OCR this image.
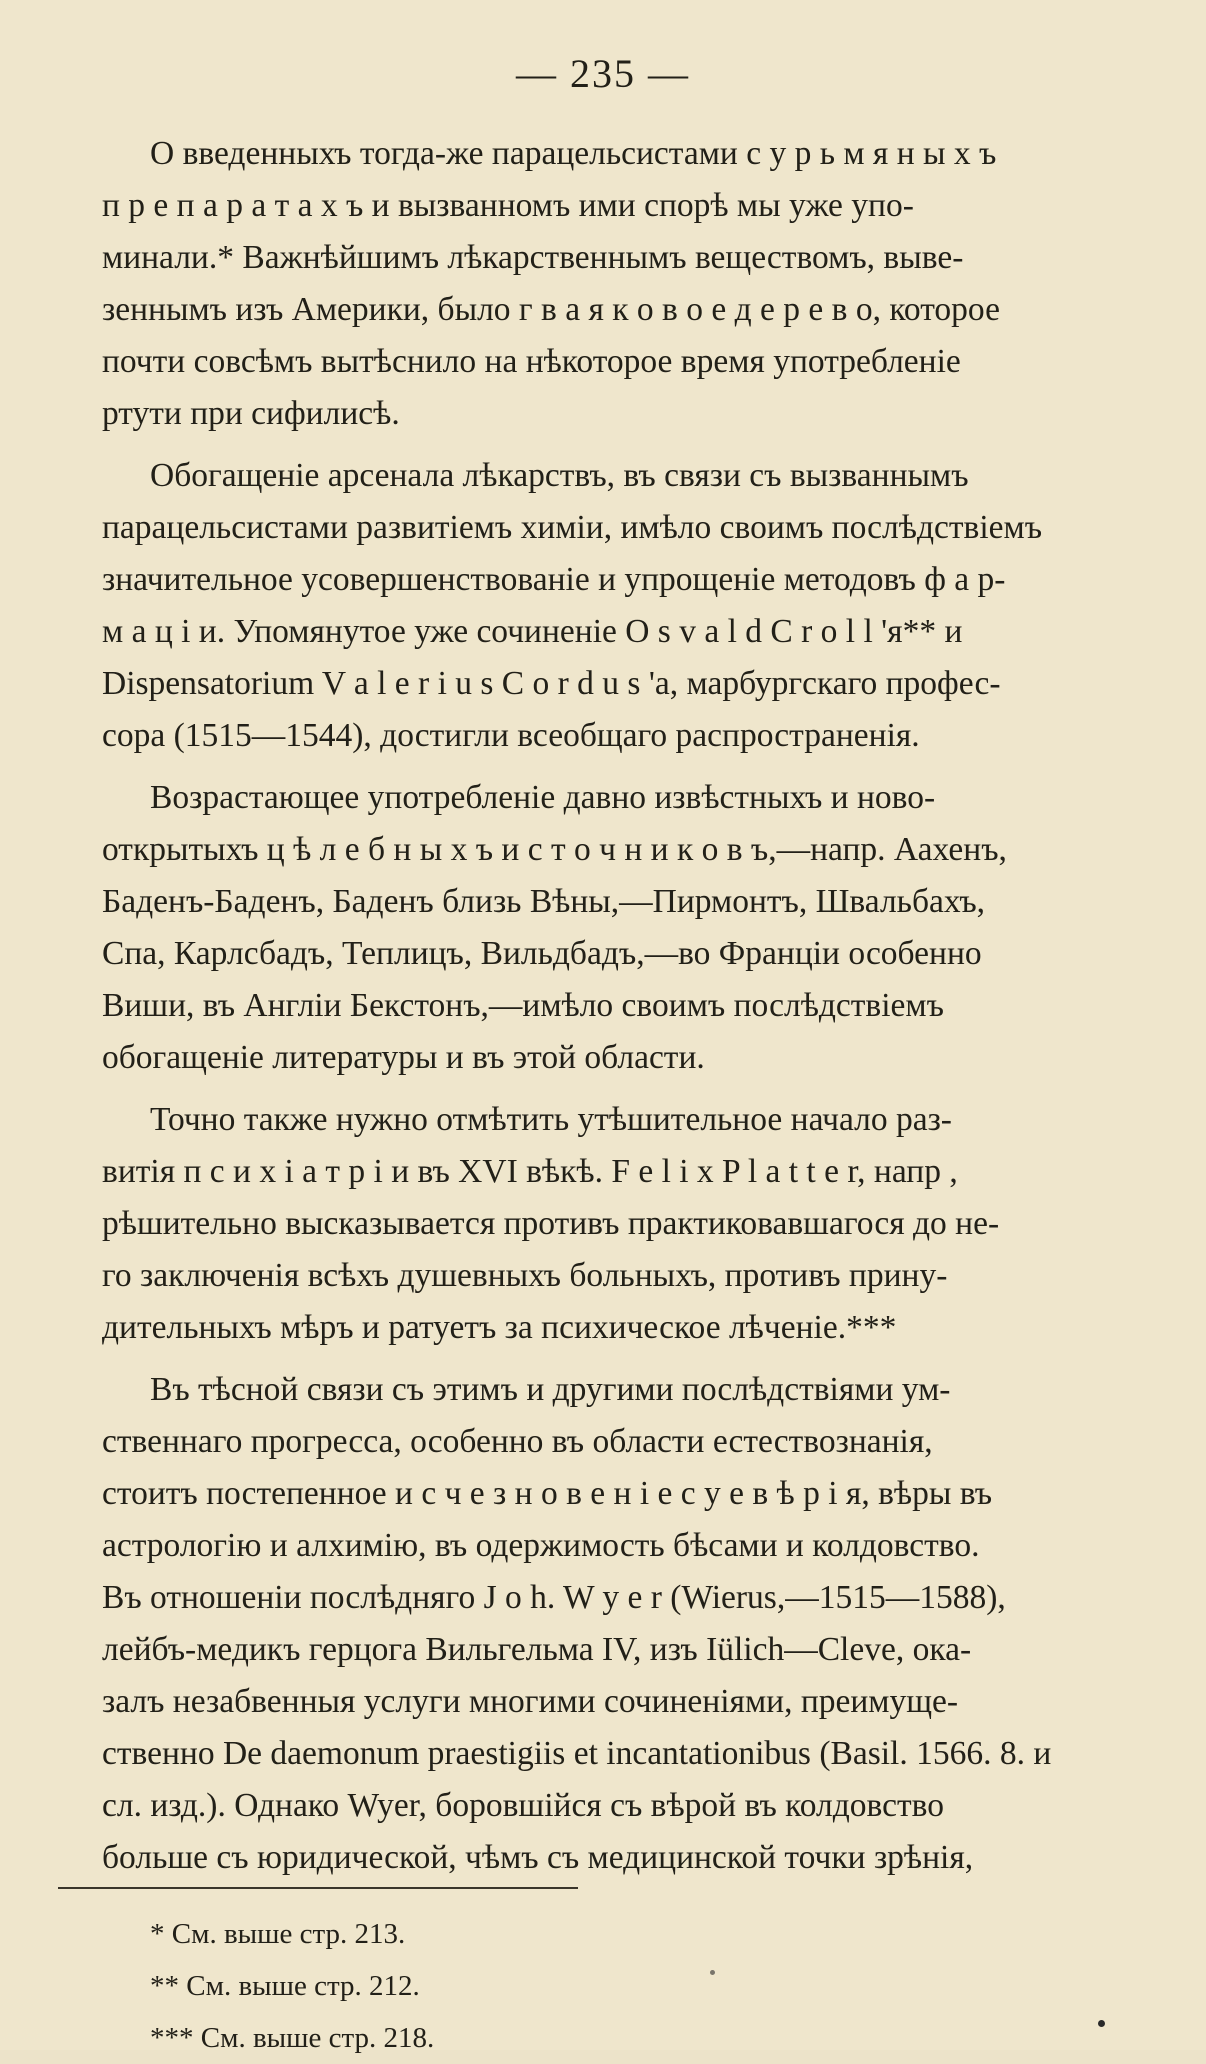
— 235 —
О введенныхъ тогда-же парацельсистами с у р ь м я н ы х ъ
п р е п а р а т а х ъ и вызванномъ ими спорѣ мы уже упо-
минали.* Важнѣйшимъ лѣкарственнымъ веществомъ, выве-
зеннымъ изъ Америки, было г в а я к о в о е д е р е в о, которое
почти совсѣмъ вытѣснило на нѣкоторое время употребленіе
ртути при сифилисѣ.
Обогащеніе арсенала лѣкарствъ, въ связи съ вызваннымъ
парацельсистами развитіемъ химіи, имѣло своимъ послѣдствіемъ
значительное усовершенствованіе и упрощеніе методовъ ф а р-
м а ц і и. Упомянутое уже сочиненіе O s v a l d C r o l l 'я** и
Dispensatorium V a l e r i u s C o r d u s 'a, марбургскаго профес-
сора (1515—1544), достигли всеобщаго распространенія.
Возрастающее употребленіе давно извѣстныхъ и ново-
открытыхъ ц ѣ л е б н ы х ъ и с т о ч н и к о в ъ,—напр. Аахенъ,
Баденъ-Баденъ, Баденъ близь Вѣны,—Пирмонтъ, Швальбахъ,
Спа, Карлсбадъ, Теплицъ, Вильдбадъ,—во Франціи особенно
Виши, въ Англіи Бекстонъ,—имѣло своимъ послѣдствіемъ
обогащеніе литературы и въ этой области.
Точно также нужно отмѣтить утѣшительное начало раз-
витія п с и х і а т р і и въ XVI вѣкѣ. F e l i x P l a t t e r, напр ,
рѣшительно высказывается противъ практиковавшагося до не-
го заключенія всѣхъ душевныхъ больныхъ, противъ прину-
дительныхъ мѣръ и ратуетъ за психическое лѣченіе.***
Въ тѣсной связи съ этимъ и другими послѣдствіями ум-
ственнаго прогресса, особенно въ области естествознанія,
стоитъ постепенное и с ч е з н о в е н і е с у е в ѣ р і я, вѣры въ
астрологію и алхимію, въ одержимость бѣсами и колдовство.
Въ отношеніи послѣдняго J o h. W y e r (Wierus,—1515—1588),
лейбъ-медикъ герцога Вильгельма IV, изъ Iülich—Cleve, ока-
залъ незабвенныя услуги многими сочиненіями, преимуще-
ственно De daemonum praestigiis et incantationibus (Basil. 1566. 8. и
сл. изд.). Однако Wyer, боровшійся съ вѣрой въ колдовство
больше съ юридической, чѣмъ съ медицинской точки зрѣнія,
* См. выше стр. 213.
** См. выше стр. 212.
*** См. выше стр. 218.
